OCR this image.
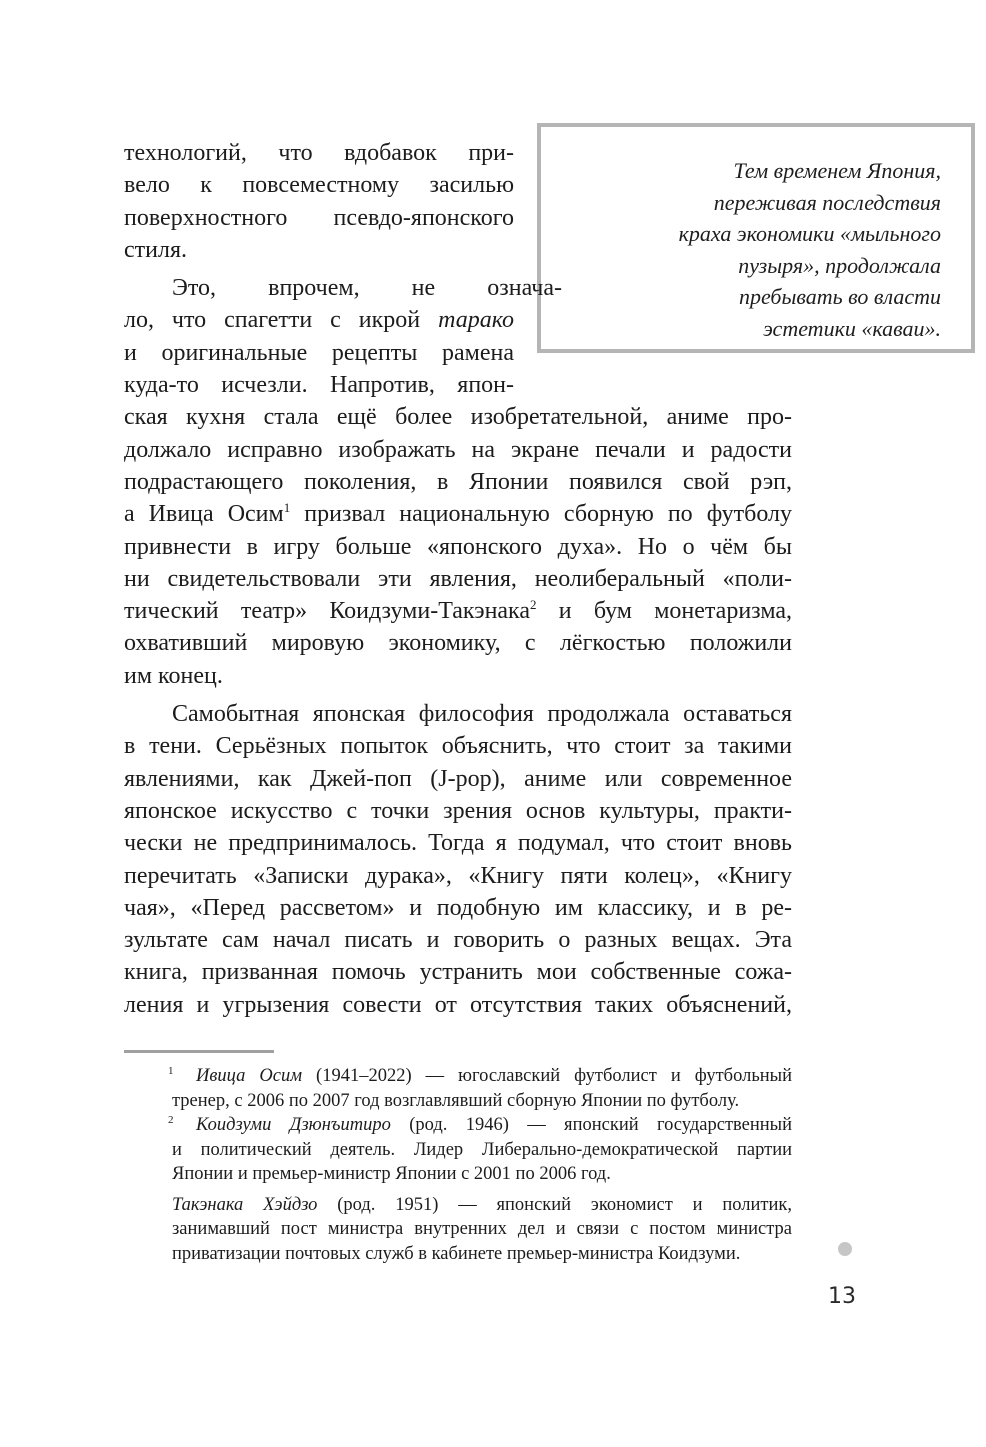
Тем временем Япония,
переживая последствия
краха экономики «мыльного
пузыря», продолжала
пребывать во власти
эстетики «каваи».
технологий, что вдобавок при-
вело к повсеместному засилью
поверхностного псевдо-японского
стиля.
Это, впрочем, не означа-
ло, что спагетти с икрой тарако
и оригинальные рецепты рамена
куда-то исчезли. Напротив, япон-
ская кухня стала ещё более изобретательной, аниме про-
должало исправно изображать на экране печали и радости
подрастающего поколения, в Японии появился свой рэп,
а Ивица Осим$^1$ призвал национальную сборную по футболу
привнести в игру больше «японского духа». Но о чём бы
ни свидетельствовали эти явления, неолиберальный «поли-
тический театр» Коидзуми-Такэнака$^2$ и бум монетаризма,
охвативший мировую экономику, с лёгкостью положили
им конец.
Самобытная японская философия продолжала оставаться
в тени. Серьёзных попыток объяснить, что стоит за такими
явлениями, как Джей-поп (J-pop), аниме или современное
японское искусство с точки зрения основ культуры, практи-
чески не предпринималось. Тогда я подумал, что стоит вновь
перечитать «Записки дурака», «Книгу пяти колец», «Книгу
чая», «Перед рассветом» и подобную им классику, и в ре-
зультате сам начал писать и говорить о разных вещах. Эта
книга, призванная помочь устранить мои собственные сожа-
ления и угрызения совести от отсутствия таких объяснений,
1	Ивица Осим (1941–2022) — югославский футболист и футбольный
тренер, с 2006 по 2007 год возглавлявший сборную Японии по футболу.
2	Коидзуми Дзюнъитиро (род. 1946) — японский государственный
и политический деятель. Лидер Либерально-демократической партии
Японии и премьер-министр Японии с 2001 по 2006 год.
Такэнака Хэйдзо (род. 1951) — японский экономист и политик,
занимавший пост министра внутренних дел и связи с постом министра
приватизации почтовых служб в кабинете премьер-министра Коидзуми.
13
